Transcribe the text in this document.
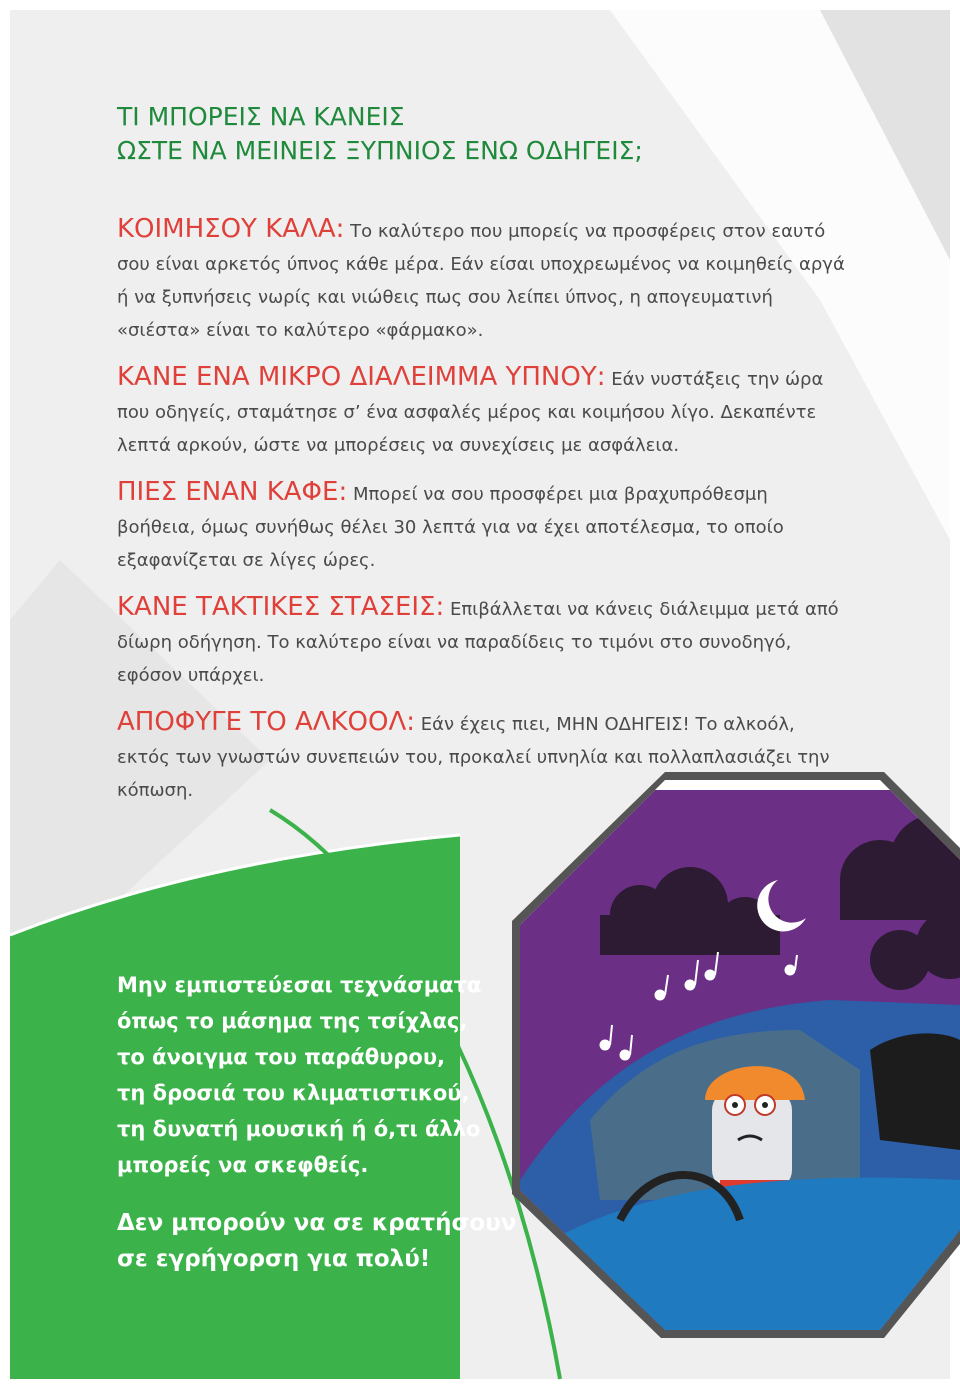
ΤΙ ΜΠΟΡΕΙΣ ΝΑ ΚΑΝΕΙΣ
ΩΣΤΕ ΝΑ ΜΕΙΝΕΙΣ ΞΥΠΝΙΟΣ ΕΝΩ ΟΔΗΓΕΙΣ;

ΚΟΙΜΗΣΟΥ ΚΑΛΑ: Το καλύτερο που μπορείς να προσφέρεις στον εαυτό σου είναι αρκετός ύπνος κάθε μέρα. Εάν είσαι υποχρεωμένος να κοιμηθείς αργά ή να ξυπνήσεις νωρίς και νιώθεις πως σου λείπει ύπνος, η απογευματινή «σιέστα» είναι το καλύτερο «φάρμακο».

ΚΑΝΕ ΕΝΑ ΜΙΚΡΟ ΔΙΑΛΕΙΜΜΑ ΥΠΝΟΥ: Εάν νυστάξεις την ώρα που οδηγείς, σταμάτησε σ’ ένα ασφαλές μέρος και κοιμήσου λίγο. Δεκαπέντε λεπτά αρκούν, ώστε να μπορέσεις να συνεχίσεις με ασφάλεια.

ΠΙΕΣ ΕΝΑΝ ΚΑΦΕ: Μπορεί να σου προσφέρει μια βραχυπρόθεσμη βοήθεια, όμως συνήθως θέλει 30 λεπτά για να έχει αποτέλεσμα, το οποίο εξαφανίζεται σε λίγες ώρες.

ΚΑΝΕ ΤΑΚΤΙΚΕΣ ΣΤΑΣΕΙΣ: Επιβάλλεται να κάνεις διάλειμμα μετά από δίωρη οδήγηση. Το καλύτερο είναι να παραδίδεις το τιμόνι στο συνοδηγό, εφόσον υπάρχει.

ΑΠΟΦΥΓΕ ΤΟ ΑΛΚΟΟΛ: Εάν έχεις πιει, ΜΗΝ ΟΔΗΓΕΙΣ! Το αλκοόλ, εκτός των γνωστών συνεπειών του, προκαλεί υπνηλία και πολλαπλασιάζει την κόπωση.

Μην εμπιστεύεσαι τεχνάσματα
όπως το μάσημα της τσίχλας,
το άνοιγμα του παράθυρου,
τη δροσιά του κλιματιστικού,
τη δυνατή μουσική ή ό,τι άλλο
μπορείς να σκεφθείς.

Δεν μπορούν να σε κρατήσουν
σε εγρήγορση για πολύ!
